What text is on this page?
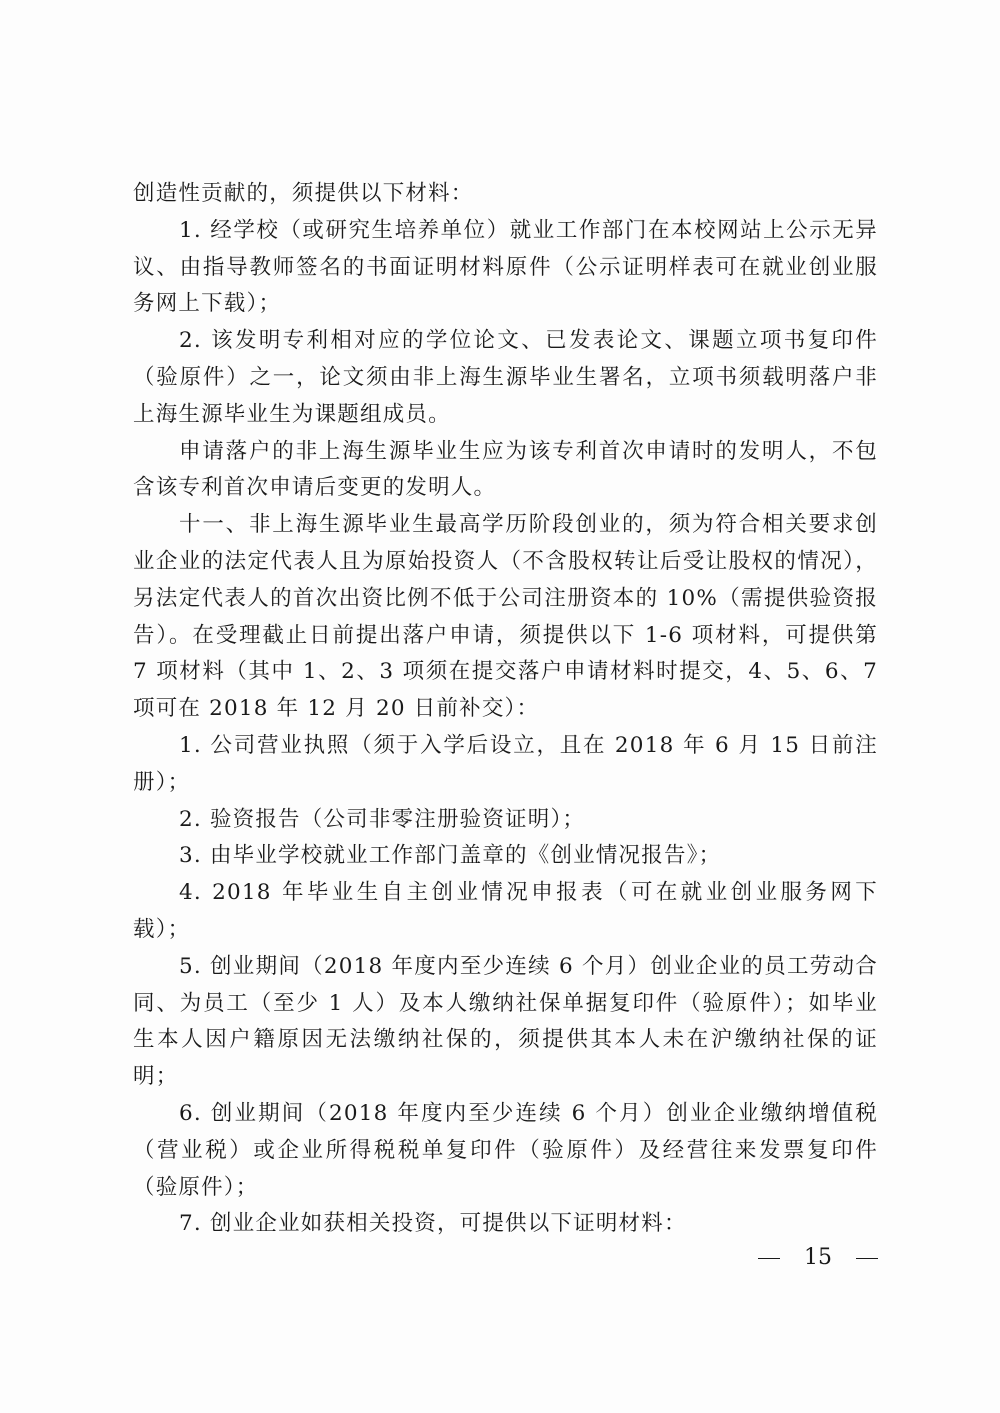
创造性贡献的，须提供以下材料：

1. 经学校（或研究生培养单位）就业工作部门在本校网站上公示无异议、由指导教师签名的书面证明材料原件（公示证明样表可在就业创业服务网上下载）；

2. 该发明专利相对应的学位论文、已发表论文、课题立项书复印件（验原件）之一，论文须由非上海生源毕业生署名，立项书须载明落户非上海生源毕业生为课题组成员。

申请落户的非上海生源毕业生应为该专利首次申请时的发明人，不包含该专利首次申请后变更的发明人。

十一、非上海生源毕业生最高学历阶段创业的，须为符合相关要求创业企业的法定代表人且为原始投资人（不含股权转让后受让股权的情况），另法定代表人的首次出资比例不低于公司注册资本的 10%（需提供验资报告）。在受理截止日前提出落户申请，须提供以下 1-6 项材料，可提供第 7 项材料（其中 1、2、3 项须在提交落户申请材料时提交，4、5、6、7 项可在 2018 年 12 月 20 日前补交）：

1. 公司营业执照（须于入学后设立，且在 2018 年 6 月 15 日前注册）；

2. 验资报告（公司非零注册验资证明）；

3. 由毕业学校就业工作部门盖章的《创业情况报告》；

4. 2018 年毕业生自主创业情况申报表（可在就业创业服务网下载）；

5. 创业期间（2018 年度内至少连续 6 个月）创业企业的员工劳动合同、为员工（至少 1 人）及本人缴纳社保单据复印件（验原件）；如毕业生本人因户籍原因无法缴纳社保的，须提供其本人未在沪缴纳社保的证明；

6. 创业期间（2018 年度内至少连续 6 个月）创业企业缴纳增值税（营业税）或企业所得税税单复印件（验原件）及经营往来发票复印件（验原件）；

7. 创业企业如获相关投资，可提供以下证明材料：

15
